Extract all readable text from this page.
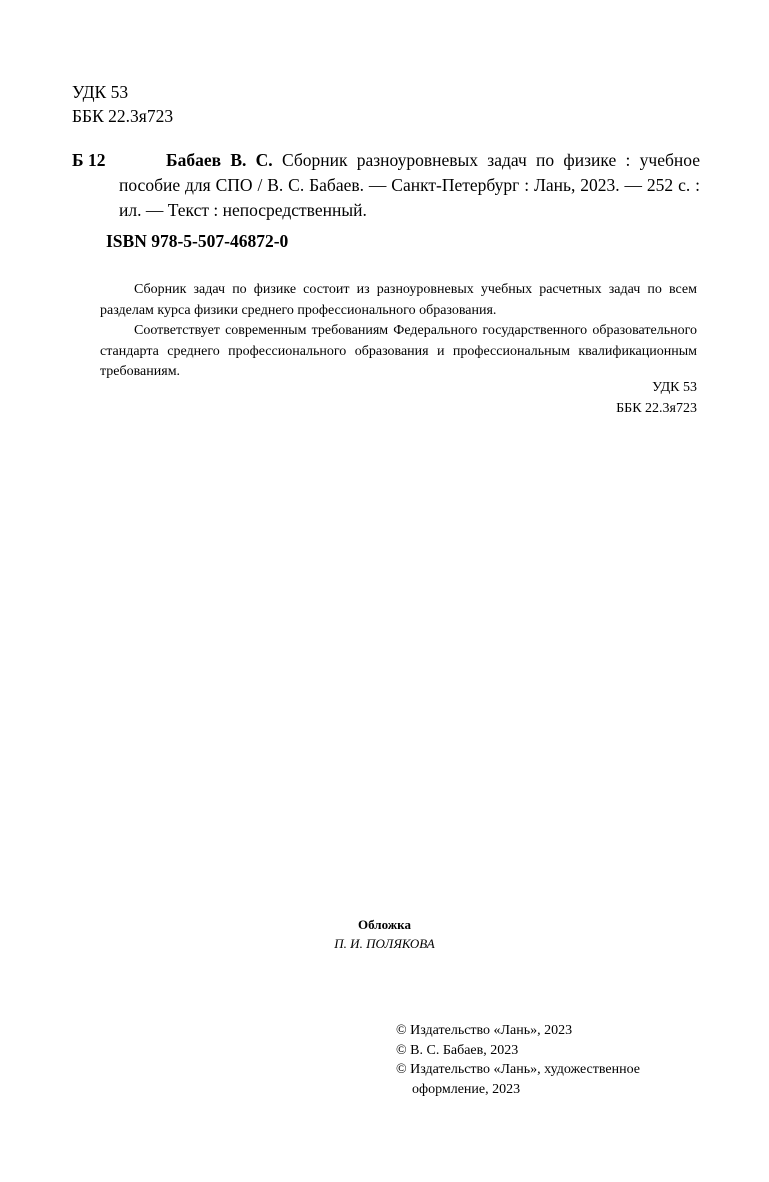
УДК 53
ББК 22.3я723
Б 12	Бабаев В. С. Сборник разноуровневых задач по физике : учебное пособие для СПО / В. С. Бабаев. — Санкт-Петербург : Лань, 2023. — 252 с. : ил. — Текст : непосредственный.
ISBN 978-5-507-46872-0

Сборник задач по физике состоит из разноуровневых учебных расчетных задач по всем разделам курса физики среднего профессионального образования.

Соответствует современным требованиям Федерального государственного образовательного стандарта среднего профессионального образования и профессиональным квалификационным требованиям.

УДК 53
ББК 22.3я723
Обложка
П. И. ПОЛЯКОВА
© Издательство «Лань», 2023
© В. С. Бабаев, 2023
© Издательство «Лань», художественное
оформление, 2023
